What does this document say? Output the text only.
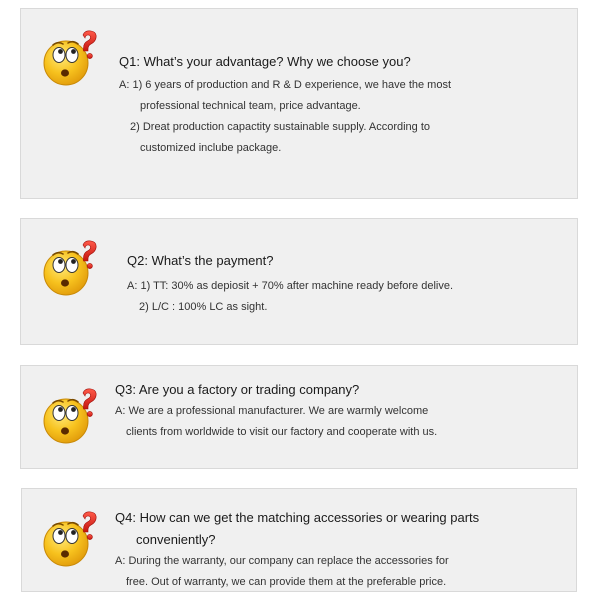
Q1: What’s your advantage? Why we choose you?
A: 1) 6 years of production and R & D experience, we have the most
professional technical team, price advantage.
2) Dreat production capactity sustainable supply. According to
customized inclube package.
Q2: What’s the payment?
A: 1) TT: 30% as depiosit + 70% after machine ready before delive.
2) L/C : 100% LC as sight.
Q3: Are you a factory or trading company?
A: We are a professional manufacturer. We are warmly welcome
clients from worldwide to visit our factory and cooperate with us.
Q4: How can we get the matching accessories or wearing parts
conveniently?
A: During the warranty, our company can replace the accessories for
free. Out of warranty, we can provide them at the preferable price.
